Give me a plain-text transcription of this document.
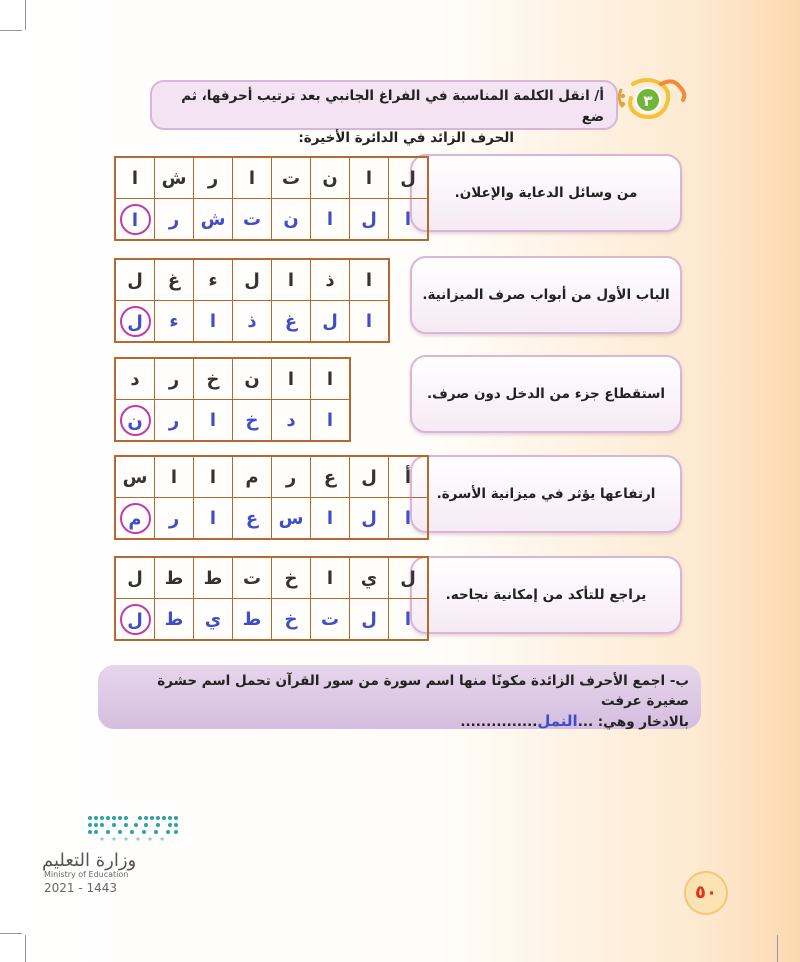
٣
أ/ انقل الكلمة المناسبة في الفراغ الجانبي بعد ترتيب أحرفها، ثم ضع
الحرف الزائد في الدائرة الأخيرة:
من وسائل الدعاية والإعلان.
ل	ا	ن	ت	ا	ر	ش	ا
ا	ل	ا	ن	ت	ش	ر	ا
الباب الأول من أبواب صرف الميزانية.
ا	ذ	ا	ل	ء	غ	ل
ا	ل	غ	ذ	ا	ء	ل
استقطاع جزء من الدخل دون صرف.
ا	ا	ن	خ	ر	د
ا	د	خ	ا	ر	ن
ارتفاعها يؤثر في ميزانية الأسرة.
أ	ل	ع	ر	م	ا	ا	س
ا	ل	ا	س	ع	ا	ر	م
يراجع للتأكد من إمكانية نجاحه.
ل	ي	ا	خ	ت	ط	ط	ل
ا	ل	ت	خ	ط	ي	ط	ل
ب- اجمع الأحرف الزائدة مكونًا منها اسم سورة من سور القرآن تحمل اسم حشرة صغيرة عرفت
بالادخار وهي: ...النمل...............
وزارة التعليم
Ministry of Education
2021 - 1443	٥٠
